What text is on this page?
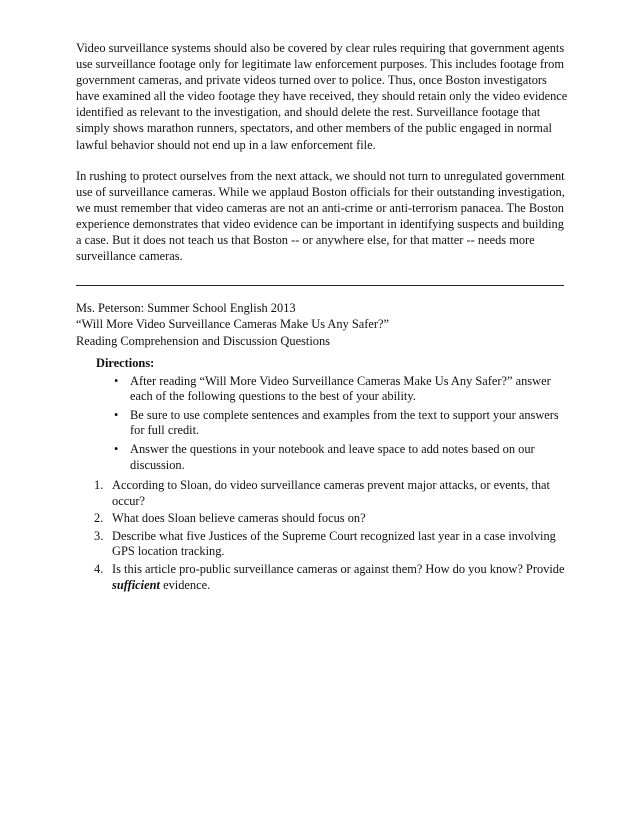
Video surveillance systems should also be covered by clear rules requiring that government agents use surveillance footage only for legitimate law enforcement purposes. This includes footage from government cameras, and private videos turned over to police. Thus, once Boston investigators have examined all the video footage they have received, they should retain only the video evidence identified as relevant to the investigation, and should delete the rest. Surveillance footage that simply shows marathon runners, spectators, and other members of the public engaged in normal lawful behavior should not end up in a law enforcement file.

In rushing to protect ourselves from the next attack, we should not turn to unregulated government use of surveillance cameras. While we applaud Boston officials for their outstanding investigation, we must remember that video cameras are not an anti-crime or anti-terrorism panacea. The Boston experience demonstrates that video evidence can be important in identifying suspects and building a case. But it does not teach us that Boston -- or anywhere else, for that matter -- needs more surveillance cameras.

Ms. Peterson: Summer School English 2013
“Will More Video Surveillance Cameras Make Us Any Safer?”
Reading Comprehension and Discussion Questions
Directions:
• After reading “Will More Video Surveillance Cameras Make Us Any Safer?” answer each of the following questions to the best of your ability.
• Be sure to use complete sentences and examples from the text to support your answers for full credit.
• Answer the questions in your notebook and leave space to add notes based on our discussion.
1. According to Sloan, do video surveillance cameras prevent major attacks, or events, that occur?
2. What does Sloan believe cameras should focus on?
3. Describe what five Justices of the Supreme Court recognized last year in a case involving GPS location tracking.
4. Is this article pro-public surveillance cameras or against them? How do you know? Provide sufficient evidence.
